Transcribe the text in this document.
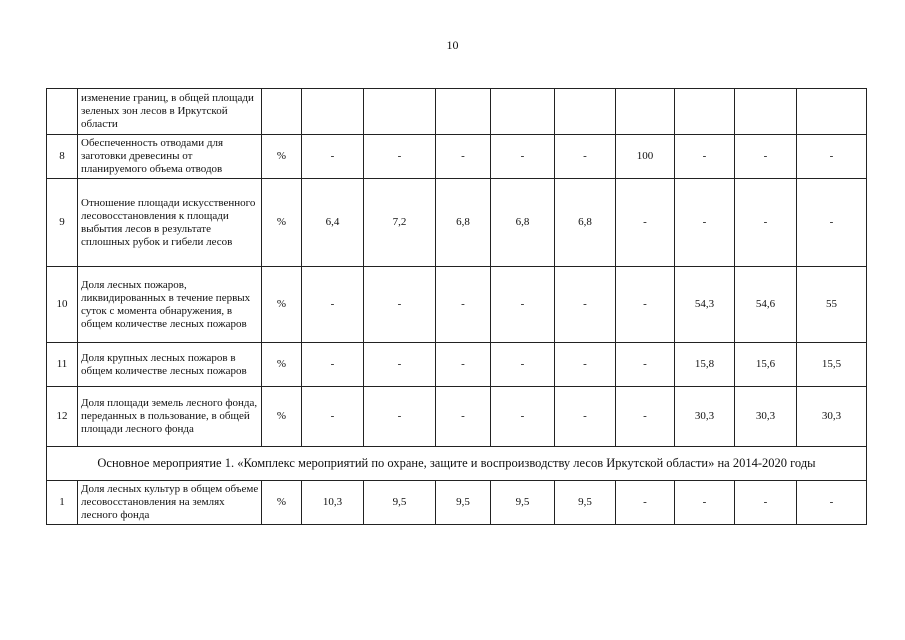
10
	изменение границ, в общей площади зеленых зон лесов в Иркутской области										
8	Обеспеченность отводами для заготовки древесины от планируемого объема отводов	%	-	-	-	-	-	100	-	-	-
9	Отношение площади искусственного лесовосстановления к площади выбытия лесов в результате сплошных рубок и гибели лесов	%	6,4	7,2	6,8	6,8	6,8	-	-	-	-
10	Доля лесных пожаров, ликвидированных в течение первых суток с момента обнаружения, в общем количестве лесных пожаров	%	-	-	-	-	-	-	54,3	54,6	55
11	Доля крупных лесных пожаров в общем количестве лесных пожаров	%	-	-	-	-	-	-	15,8	15,6	15,5
12	Доля площади земель лесного фонда, переданных в пользование, в общей площади лесного фонда	%	-	-	-	-	-	-	30,3	30,3	30,3
Основное мероприятие 1. «Комплекс мероприятий по охране, защите и воспроизводству лесов Иркутской области» на 2014-2020 годы											
1	Доля лесных культур в общем объеме лесовосстановления на землях лесного фонда	%	10,3	9,5	9,5	9,5	9,5	-	-	-	-
